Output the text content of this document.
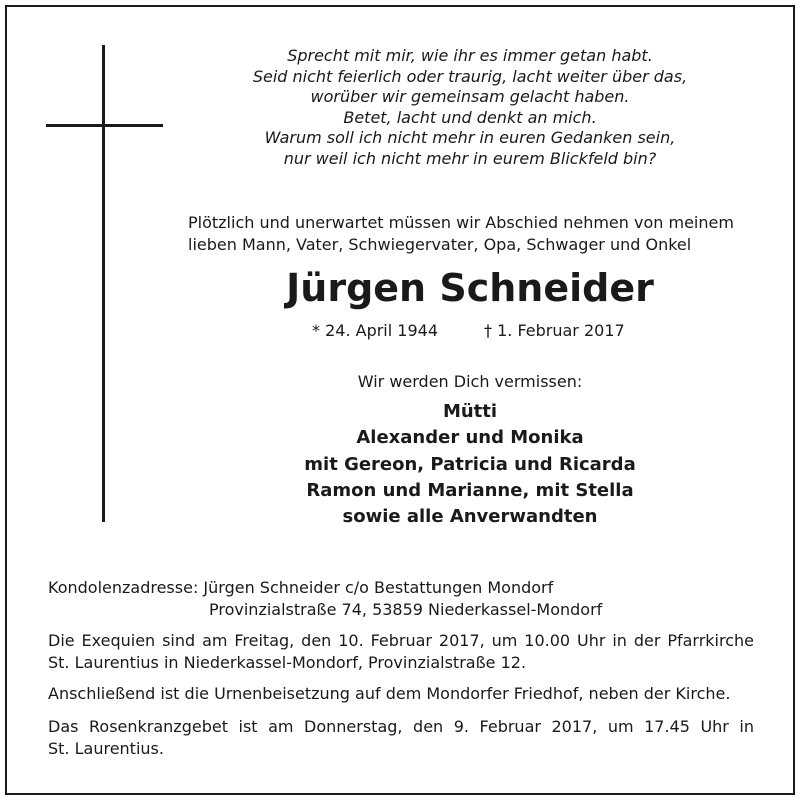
Sprecht mit mir, wie ihr es immer getan habt.
Seid nicht feierlich oder traurig, lacht weiter über das,
worüber wir gemeinsam gelacht haben.
Betet, lacht und denkt an mich.
Warum soll ich nicht mehr in euren Gedanken sein,
nur weil ich nicht mehr in eurem Blickfeld bin?
Plötzlich und unerwartet müssen wir Abschied nehmen von meinem
lieben Mann, Vater, Schwiegervater, Opa, Schwager und Onkel
Jürgen Schneider
* 24. April 1944	† 1. Februar 2017
Wir werden Dich vermissen:
Mütti
Alexander und Monika
mit Gereon, Patricia und Ricarda
Ramon und Marianne, mit Stella
sowie alle Anverwandten
Kondolenzadresse: Jürgen Schneider c/o Bestattungen Mondorf
Provinzialstraße 74, 53859 Niederkassel-Mondorf
Die Exequien sind am Freitag, den 10. Februar 2017, um 10.00 Uhr in der Pfarrkirche
St. Laurentius in Niederkassel-Mondorf, Provinzialstraße 12.
Anschließend ist die Urnenbeisetzung auf dem Mondorfer Friedhof, neben der Kirche.
Das Rosenkranzgebet ist am Donnerstag, den 9. Februar 2017, um 17.45 Uhr in
St. Laurentius.
